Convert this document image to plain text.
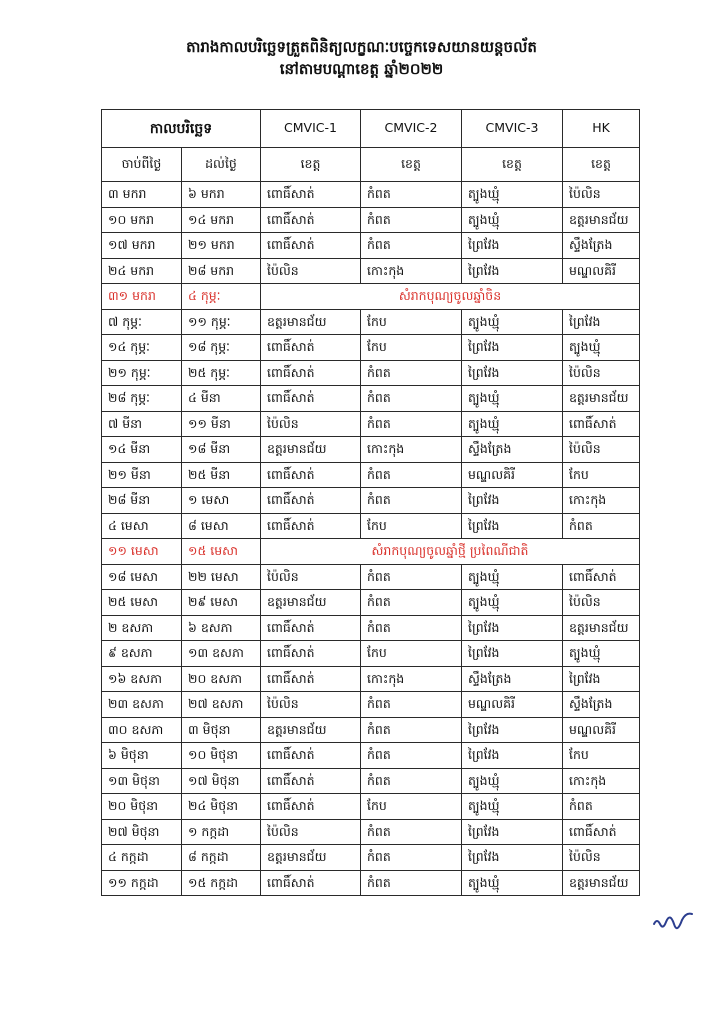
តារាងកាលបរិច្ឆេទត្រួតពិនិត្យលក្ខណៈបច្ចេកទេសយានយន្តចល័ត
នៅតាមបណ្តាខេត្ត ឆ្នាំ២០២២
កាលបរិច្ឆេទ		CMVIC-1	CMVIC-2	CMVIC-3	HK
ចាប់ពីថ្ងៃ	ដល់ថ្ងៃ	ខេត្ត	ខេត្ត	ខេត្ត	ខេត្ត
៣ មករា	៦ មករា	ពោធិ៍សាត់	កំពត	ត្បូងឃ្មុំ	ប៉ៃលិន
១០ មករា	១៤ មករា	ពោធិ៍សាត់	កំពត	ត្បូងឃ្មុំ	ឧត្តរមានជ័យ
១៧ មករា	២១ មករា	ពោធិ៍សាត់	កំពត	ព្រៃវែង	ស្ទឹងត្រែង
២៤ មករា	២៨ មករា	ប៉ៃលិន	កោះកុង	ព្រៃវែង	មណ្ឌលគិរី
៣១ មករា	៤ កុម្ភៈ	សំរាកបុណ្យចូលឆ្នាំចិន			
៧ កុម្ភៈ	១១ កុម្ភៈ	ឧត្តរមានជ័យ	កែប	ត្បូងឃ្មុំ	ព្រៃវែង
១៤ កុម្ភៈ	១៨ កុម្ភៈ	ពោធិ៍សាត់	កែប	ព្រៃវែង	ត្បូងឃ្មុំ
២១ កុម្ភៈ	២៥ កុម្ភៈ	ពោធិ៍សាត់	កំពត	ព្រៃវែង	ប៉ៃលិន
២៨ កុម្ភៈ	៤ មីនា	ពោធិ៍សាត់	កំពត	ត្បូងឃ្មុំ	ឧត្តរមានជ័យ
៧ មីនា	១១ មីនា	ប៉ៃលិន	កំពត	ត្បូងឃ្មុំ	ពោធិ៍សាត់
១៤ មីនា	១៨ មីនា	ឧត្តរមានជ័យ	កោះកុង	ស្ទឹងត្រែង	ប៉ៃលិន
២១ មីនា	២៥ មីនា	ពោធិ៍សាត់	កំពត	មណ្ឌលគិរី	កែប
២៨ មីនា	១ មេសា	ពោធិ៍សាត់	កំពត	ព្រៃវែង	កោះកុង
៤ មេសា	៨ មេសា	ពោធិ៍សាត់	កែប	ព្រៃវែង	កំពត
១១ មេសា	១៥ មេសា	សំរាកបុណ្យចូលឆ្នាំថ្មី ប្រពៃណីជាតិ			
១៨ មេសា	២២ មេសា	ប៉ៃលិន	កំពត	ត្បូងឃ្មុំ	ពោធិ៍សាត់
២៥ មេសា	២៩ មេសា	ឧត្តរមានជ័យ	កំពត	ត្បូងឃ្មុំ	ប៉ៃលិន
២ ឧសភា	៦ ឧសភា	ពោធិ៍សាត់	កំពត	ព្រៃវែង	ឧត្តរមានជ័យ
៩ ឧសភា	១៣ ឧសភា	ពោធិ៍សាត់	កែប	ព្រៃវែង	ត្បូងឃ្មុំ
១៦ ឧសភា	២០ ឧសភា	ពោធិ៍សាត់	កោះកុង	ស្ទឹងត្រែង	ព្រៃវែង
២៣ ឧសភា	២៧ ឧសភា	ប៉ៃលិន	កំពត	មណ្ឌលគិរី	ស្ទឹងត្រែង
៣០ ឧសភា	៣ មិថុនា	ឧត្តរមានជ័យ	កំពត	ព្រៃវែង	មណ្ឌលគិរី
៦ មិថុនា	១០ មិថុនា	ពោធិ៍សាត់	កំពត	ព្រៃវែង	កែប
១៣ មិថុនា	១៧ មិថុនា	ពោធិ៍សាត់	កំពត	ត្បូងឃ្មុំ	កោះកុង
២០ មិថុនា	២៤ មិថុនា	ពោធិ៍សាត់	កែប	ត្បូងឃ្មុំ	កំពត
២៧ មិថុនា	១ កក្កដា	ប៉ៃលិន	កំពត	ព្រៃវែង	ពោធិ៍សាត់
៤ កក្កដា	៨ កក្កដា	ឧត្តរមានជ័យ	កំពត	ព្រៃវែង	ប៉ៃលិន
១១ កក្កដា	១៥ កក្កដា	ពោធិ៍សាត់	កំពត	ត្បូងឃ្មុំ	ឧត្តរមានជ័យ
